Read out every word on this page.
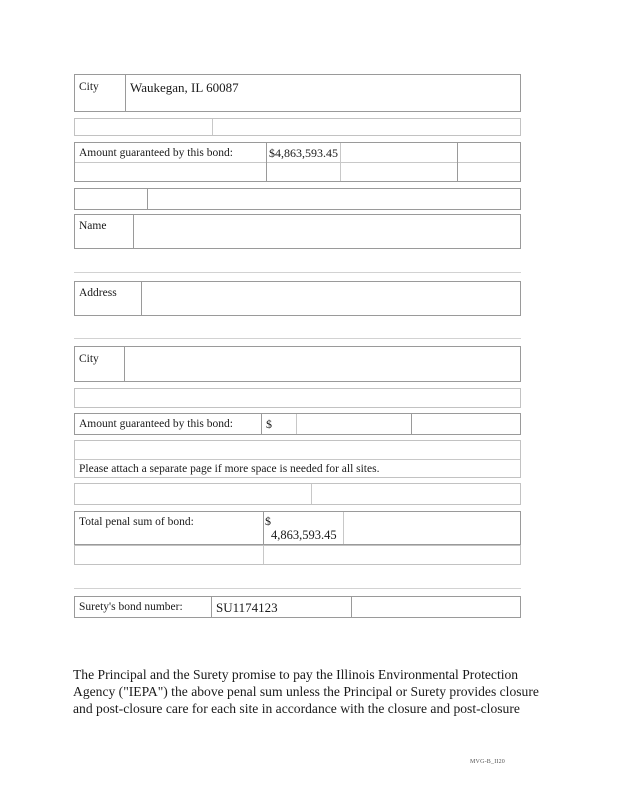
City Waukegan, IL 60087
Amount guaranteed by this bond:	$4,863,593.45
Name
Address
City
Amount guaranteed by this bond:	$
Please attach a separate page if more space is needed for all sites.
Total penal sum of bond:	$
4,863,593.45
Surety's bond number:	SU1174123
The Principal and the Surety promise to pay the Illinois Environmental Protection
Agency ("IEPA") the above penal sum unless the Principal or Surety provides closure
and post-closure care for each site in accordance with the closure and post-closure
MVG-B_II20
